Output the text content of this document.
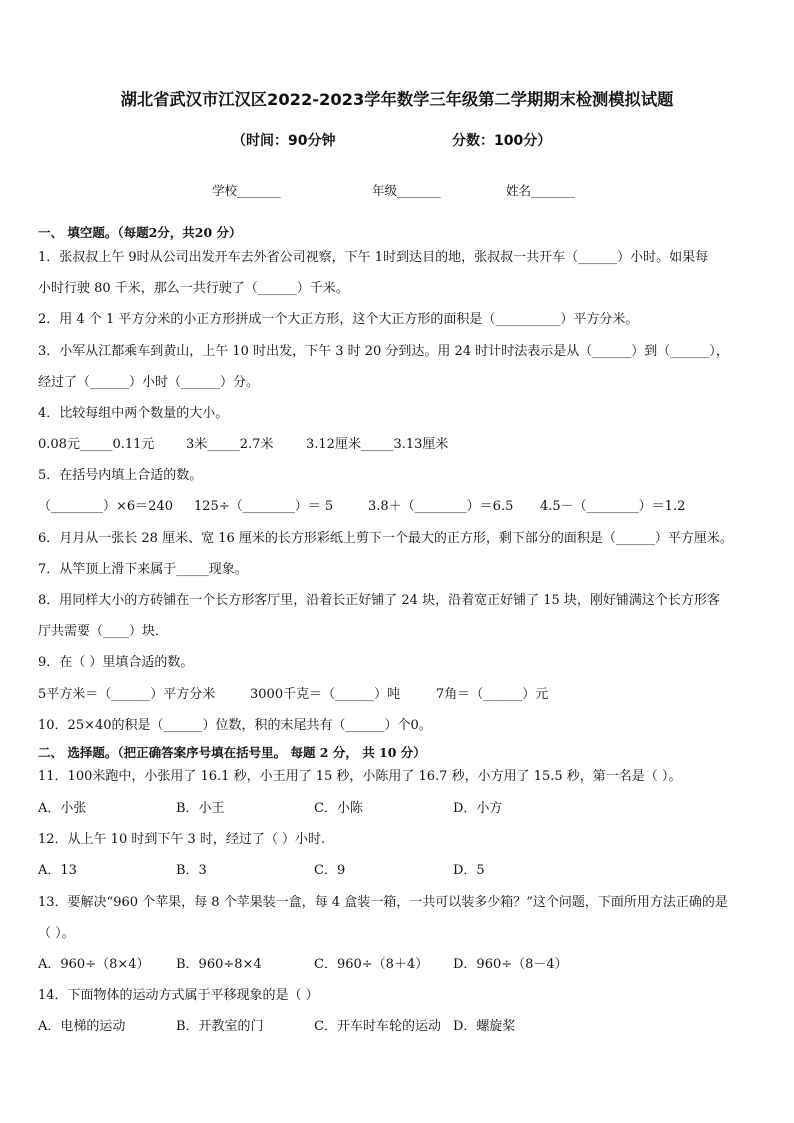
湖北省武汉市江汉区2022-2023学年数学三年级第二学期期末检测模拟试题
（时间：90分钟	分数：100分）
学校_______	年级_______	姓名_______
一、 填空题。（每题2分，共20 分）
1．张叔叔上午 9时从公司出发开车去外省公司视察，下午 1时到达目的地，张叔叔一共开车（______）小时。如果每
小时行驶 80 千米，那么一共行驶了（______）千米。
2．用 4 个 1 平方分米的小正方形拼成一个大正方形，这个大正方形的面积是（__________）平方分米。
3．小军从江都乘车到黄山，上午 10 时出发，下午 3 时 20 分到达。用 24 时计时法表示是从（______）到（______），
经过了（______）小时（______）分。
4．比较每组中两个数量的大小。
0.08元_____0.11元 3米_____2.7米	3.12厘米_____3.13厘米
5．在括号内填上合适的数。
（________）×6＝240 125÷（________）＝ 5	3.8＋（________）＝6.5 4.5－（________）＝1.2
6．月月从一张长 28 厘米、宽 16 厘米的长方形彩纸上剪下一个最大的正方形，剩下部分的面积是（______）平方厘米。
7．从竿顶上滑下来属于_____现象。
8．用同样大小的方砖铺在一个长方形客厅里，沿着长正好铺了 24 块，沿着宽正好铺了 15 块，刚好铺满这个长方形客
厅共需要（____）块．
9．在（ ）里填合适的数。
5平方米＝（______）平方分米	3000千克＝（______）吨	7角＝（______）元
10．25×40的积是（______）位数，积的末尾共有（______）个0。
二、 选择题。（把正确答案序号填在括号里。 每题 2 分， 共 10 分）
11．100米跑中，小张用了 16.1 秒，小王用了 15 秒，小陈用了 16.7 秒，小方用了 15.5 秒，第一名是（ ）。
A．小张	B．小王	C．小陈	D．小方
12．从上午 10 时到下午 3 时，经过了（ ）小时.
A．13	B．3	C．9	D．5
13．要解决“960 个苹果，每 8 个苹果装一盒，每 4 盒装一箱，一共可以装多少箱？”这个问题，下面所用方法正确的是
（ ）。
A．960÷（8×4） B．960÷8×4	C．960÷（8＋4） D．960÷（8－4）
14．下面物体的运动方式属于平移现象的是（ ）
A．电梯的运动	B．开教室的门	C．开车时车轮的运动 D．螺旋桨
